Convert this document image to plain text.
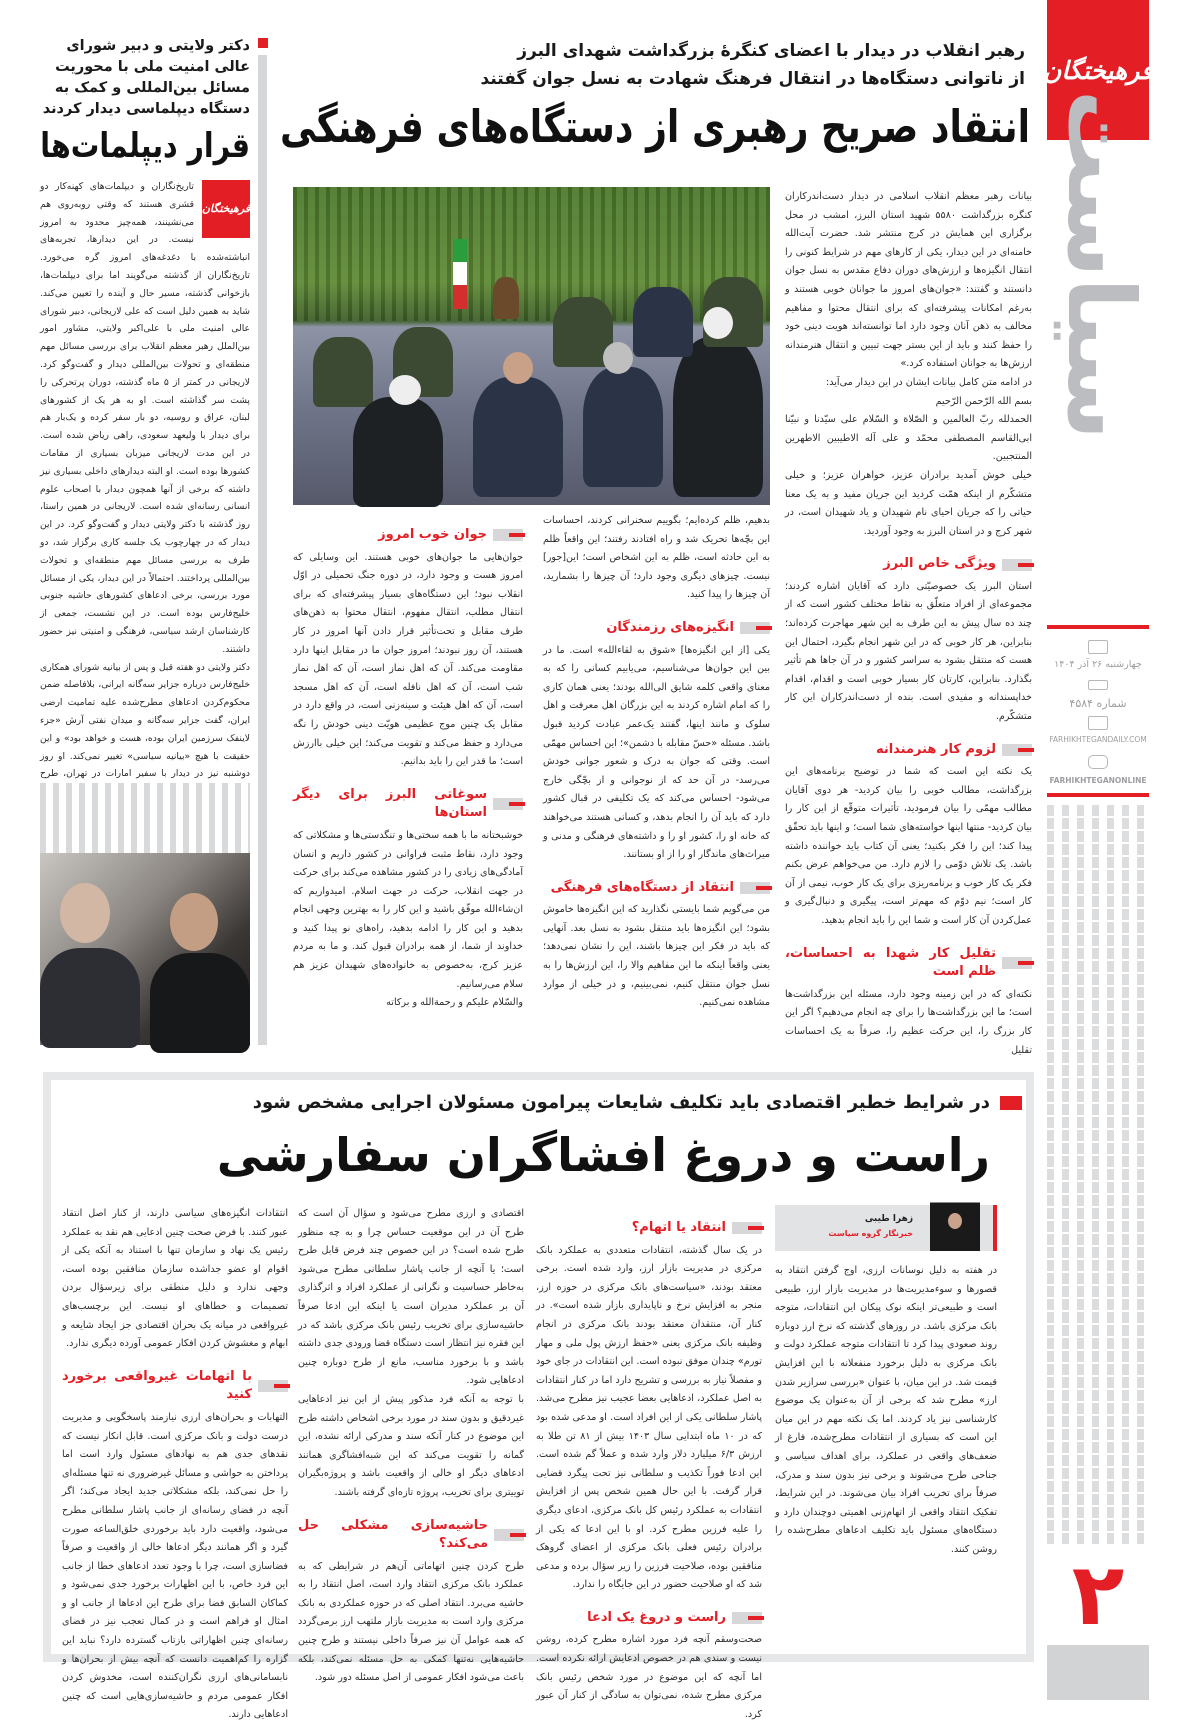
فرهیختگان
سیاست
چهارشنبه ۲۶ آذر ۱۴۰۴
شماره ۴۵۸۴
FARHIKHTEGANDAILY.COM
FARHIKHTEGANONLINE
۲
رهبر انقلاب در دیدار با اعضای کنگرۀ بزرگداشت شهدای البرز
از ناتوانی دستگاه‌ها در انتقال فرهنگ شهادت به نسل جوان گفتند
انتقاد صریح رهبری از دستگاه‌های فرهنگی

بیانات رهبر معظم انقلاب اسلامی در دیدار دست‌اندرکاران کنگره بزرگداشت ۵۵۸۰ شهید استان البرز، امشب در محل برگزاری این همایش در کرج منتشر شد. حضرت آیت‌الله خامنه‌ای در این دیدار، یکی از کارهای مهم در شرایط کنونی را انتقال انگیزه‌ها و ارزش‌های دوران دفاع مقدس به نسل جوان دانستند و گفتند: «جوان‌های امروز ما جوانان خوبی هستند و به‌رغم امکانات پیشرفته‌ای که برای انتقال محتوا و مفاهیم مخالف به ذهن آنان وجود دارد اما توانسته‌اند هویت دینی خود را حفظ کنند و باید از این بستر جهت تبیین و انتقال هنرمندانه ارزش‌ها به جوانان استفاده کرد.»

در ادامه متن کامل بیانات ایشان در این دیدار می‌آید:

بسم الله الرّحمن الرّحیم

الحمدلله ربّ العالمین و الصّلاة و السّلام علی سیّدنا و نبیّنا ابی‌القاسم المصطفی محمّد و علی آله الاطیبین الاطهرین المنتجبین.

خیلی خوش آمدید برادران عزیز، خواهران عزیز؛ و خیلی متشکّرم از اینکه همّت کردید این جریان مفید و به یک معنا حیاتی را که جریان احیای نام شهیدان و یاد شهیدان است، در شهر کرج و در استان البرز به وجود آوردید.

ویژگی خاص البرز

استان البرز یک خصوصیّتی دارد که آقایان اشاره کردند؛ مجموعه‌ای از افراد متعلّق به نقاط مختلف کشور است که از چند ده سال پیش به این طرف به این شهر مهاجرت کرده‌اند؛ بنابراین، هر کار خوبی که در این شهر انجام بگیرد، احتمال این هست که منتقل بشود به سراسر کشور و در آن جاها هم تأثیر بگذارد. بنابراین، کارتان کار بسیار خوبی است و اقدام، اقدام خداپسندانه و مفیدی است. بنده از دست‌اندرکاران این کار متشکّرم.

لزوم کار هنرمندانه

یک نکته این است که شما در توضیح برنامه‌های این بزرگداشت، مطالب خوبی را بیان کردید- هر دوی آقایان مطالب مهمّی را بیان فرمودید، تأثیرات متوقّع از این کار را بیان کردید- منتها اینها خواسته‌های شما است؛ و اینها باید تحقّق پیدا کند؛ این را فکر بکنید؛ یعنی آن کتاب باید خواننده داشته باشد. یک تلاش دوّمی را لازم دارد. من می‌خواهم عرض بکنم فکر یک کار خوب و برنامه‌ریزی برای یک کار خوب، نیمی از آن کار است؛ نیم دوّم که مهم‌تر است، پیگیری و دنبال‌گیری و عمل‌کردن آن کار است و شما این را باید انجام بدهید.

تقلیل کار شهدا به احساسات، ظلم است

نکته‌ای که در این زمینه وجود دارد، مسئله این بزرگداشت‌ها است؛ ما این بزرگداشت‌ها را برای چه انجام می‌دهیم؟ اگر این کار بزرگ را، این حرکت عظیم را، صرفاً به یک احساسات تقلیل

بدهیم، ظلم کرده‌ایم؛ بگوییم سخنرانی کردند، احساسات این بچّه‌ها تحریک شد و راه افتادند رفتند؛ این واقعاً ظلم به این حادثه است، ظلم به این اشخاص است؛ این‌[جور] نیست. چیزهای دیگری وجود دارد؛ آن چیزها را بشمارید، آن چیزها را پیدا کنید.

انگیزه‌های رزمندگان

یکی [از این انگیزه‌ها] «شوق به لقاءالله» است. ما در بین این جوان‌ها می‌شناسیم، می‌یابیم کسانی را که به معنای واقعی کلمه شایق الی‌الله بودند؛ یعنی همان کاری را که امام اشاره کردند به این بزرگان اهل معرفت و اهل سلوک و مانند اینها، گفتند یک‌عمر عبادت کردید قبول باشد. مسئله «حسّ مقابله با دشمن»؛ این احساس مهمّی است. وقتی که جوان به درک و شعور جوانی خودش می‌رسد- در آن حد که از نوجوانی و از بچّگی خارج می‌شود- احساس می‌کند که یک تکلیفی در قبال کشور دارد که باید آن را انجام بدهد، و کسانی هستند می‌خواهند که خانه او را، کشور او را و داشته‌های فرهنگی و مدنی و میراث‌های ماندگار او را از او بستانند.

انتقاد از دستگاه‌های فرهنگی

من می‌گویم شما بایستی نگذارید که این انگیزه‌ها خاموش بشود؛ این انگیزه‌ها باید منتقل بشود به نسل بعد. آنهایی که باید در فکر این چیزها باشند، این را نشان نمی‌دهد؛ یعنی واقعاً اینکه ما این مفاهیم والا را، این ارزش‌ها را به نسل جوان منتقل کنیم، نمی‌بینیم، و در خیلی از موارد مشاهده نمی‌کنیم.

جوان خوب امروز

جوان‌هایی ما جوان‌های خوبی هستند. این وسایلی که امروز هست و وجود دارد، در دوره جنگ تحمیلی در اوّل انقلاب نبود؛ این دستگاه‌های بسیار پیشرفته‌ای که برای انتقال مطلب، انتقال مفهوم، انتقال محتوا به ذهن‌های طرف مقابل و تحت‌تأثیر قرار دادن آنها امروز در کار هستند، آن روز نبودند؛ امروز جوان ما در مقابل اینها دارد مقاومت می‌کند. آن که اهل نماز است، آن که اهل نماز شب است، آن که اهل نافله است، آن که اهل مسجد است، آن که اهل هیئت و سینه‌زنی است، در واقع دارد در مقابل یک چنین موج عظیمی هویّت دینی خودش را نگه می‌دارد و حفظ می‌کند و تقویت می‌کند؛ این خیلی باارزش است؛ ما قدر این را باید بدانیم.

سوغاتی البرز برای دیگر استان‌ها

خوشبختانه ما با همه سختی‌ها و تنگدستی‌ها و مشکلاتی که وجود دارد، نقاط مثبت فراوانی در کشور داریم و انسان آمادگی‌های زیادی را در کشور مشاهده می‌کند برای حرکت در جهت انقلاب، حرکت در جهت اسلام. امیدواریم که ان‌شاءالله موفّق باشید و این کار را به بهترین وجهی انجام بدهید و این کار را ادامه بدهید، راه‌های نو پیدا کنید و خداوند از شما، از همه برادران قبول کند. و ما به مردم عزیز کرج، به‌خصوص به خانواده‌های شهیدان عزیز هم سلام می‌رسانیم.

والسّلام علیکم و رحمةالله و برکاته

دکتر ولایتی و دبیر شورای عالی امنیت ملی با محوریت مسائل بین‌المللی و کمک به دستگاه دیپلماسی دیدار کردند
قرار دیپلمات‌ها
فرهیختگان

تاریخ‌نگاران و دیپلمات‌های کهنه‌کار دو قشری هستند که وقتی رو‌به‌روی هم می‌نشینند، همه‌چیز محدود به امروز نیست. در این دیدارها، تجربه‌های انباشته‌شده با دغدغه‌های امروز گره می‌خورد. تاریخ‌نگاران از گذشته می‌گویند اما برای دیپلمات‌ها، بازخوانی گذشته، مسیر حال و آینده را تعیین می‌کند. شاید به همین دلیل است که علی لاریجانی، دبیر شورای عالی امنیت ملی با علی‌اکبر ولایتی، مشاور امور بین‌الملل رهبر معظم انقلاب برای بررسی مسائل مهم منطقه‌ای و تحولات بین‌المللی دیدار و گفت‌وگو کرد. لاریجانی در کمتر از ۵ ماه گذشته، دوران پرتحرکی را پشت سر گذاشته است. او به هر یک از کشورهای لبنان، عراق و روسیه، دو بار سفر کرده و یک‌بار هم برای دیدار با ولیعهد سعودی، راهی ریاض شده است. در این مدت لاریجانی میزبان بسیاری از مقامات کشورها بوده است. او البته دیدارهای داخلی بسیاری نیز داشته که برخی از آنها همچون دیدار با اصحاب علوم انسانی رسانه‌ای شده است. لاریجانی در همین راستا، روز گذشته با دکتر ولایتی دیدار و گفت‌وگو کرد. در این دیدار که در چهارچوب یک جلسه کاری برگزار شد، دو طرف به بررسی مسائل مهم منطقه‌ای و تحولات بین‌المللی پرداختند. احتمالاً در این دیدار، یکی از مسائل مورد بررسی، برخی ادعاهای کشورهای حاشیه جنوبی خلیج‌فارس بوده است. در این نشست، جمعی از کارشناسان ارشد سیاسی، فرهنگی و امنیتی نیز حضور داشتند.

دکتر ولایتی دو هفته قبل و پس از بیانیه شورای همکاری خلیج‌فارس درباره جزایر سه‌گانه ایرانی، بلافاصله ضمن محکوم‌کردن ادعاهای مطرح‌شده علیه تمامیت ارضی ایران، گفت جزایر سه‌گانه و میدان نفتی آرش «جزء لاینفک سرزمین ایران بوده، هست و خواهد بود» و این حقیقت با هیچ «بیانیه سیاسی» تغییر نمی‌کند. او روز دوشنبه نیز در دیدار با سفیر امارات در تهران، طرح

در شرایط خطیر اقتصادی باید تکلیف شایعات پیرامون مسئولان اجرایی مشخص شود
راست و دروغ افشاگران سفارشی
زهرا طیبی
خبرنگار گروه سیاست

در هفته‌ به دلیل نوسانات ارزی، اوج گرفتن انتقاد به قصورها و سوءمدیریت‌ها در مدیریت بازار ارز، طبیعی است و طبیعی‌تر اینکه نوک پیکان این انتقادات، متوجه بانک مرکزی باشد. در روزهای گذشته که نرخ ارز دوباره روند صعودی پیدا کرد تا انتقادات متوجه عملکرد دولت و بانک مرکزی به دلیل برخورد منفعلانه با این افزایش قیمت شد. در این میان، با عنوان «بررسی سرازیر شدن ارز» مطرح شد که برخی از آن به‌عنوان یک موضوع کارشناسی نیز یاد کردند. اما یک نکته مهم در این میان این است که بسیاری از انتقادات مطرح‌شده، فارغ از ضعف‌های واقعی در عملکرد، برای اهداف سیاسی و جناحی طرح می‌شوند و برخی نیز بدون سند و مدرک، صرفاً برای تخریب افراد بیان می‌شوند. در این شرایط، تفکیک انتقاد واقعی از اتهام‌زنی اهمیتی دوچندان دارد و دستگاه‌های مسئول باید تکلیف ادعاهای مطرح‌شده را روشن کنند.

انتقاد یا اتهام؟

در یک سال گذشته، انتقادات متعددی به عملکرد بانک مرکزی در مدیریت بازار ارز، وارد شده است. برخی معتقد بودند، «سیاست‌های بانک مرکزی در حوزه ارز، منجر به افزایش نرخ و ناپایداری بازار شده است». در کنار آن، منتقدان معتقد بودند بانک مرکزی در انجام وظیفه بانک مرکزی یعنی «حفظ ارزش پول ملی و مهار تورم» چندان موفق نبوده است. این انتقادات در جای خود و مفصلاً نیاز به بررسی و تشریح دارد اما در کنار انتقادات به اصل عملکرد، ادعاهایی بعضا عجیب نیز مطرح می‌شد. پاشار سلطانی یکی از این افراد است. او مدعی شده بود که در ۱۰ ماه ابتدایی سال ۱۴۰۳ بیش از ۸۱ تن طلا به ارزش ۶/۳ میلیارد دلار وارد شده و عملاً گم شده است. این ادعا فوراً تکذیب و سلطانی نیز تحت پیگرد قضایی قرار گرفت. با این حال همین شخص پس از افزایش انتقادات به عملکرد رئیس کل بانک مرکزی، ادعای دیگری را علیه فرزین مطرح کرد. او با این ادعا که یکی از برادران رئیس فعلی بانک مرکزی از اعضای گروهک منافقین بوده، صلاحیت فرزین را زیر سؤال برده و مدعی شد که او صلاحیت حضور در این جایگاه را ندارد.

راست و دروغ یک ادعا

صحت‌وسقم آنچه فرد مورد اشاره مطرح کرده، روشن نیست و سندی هم در خصوص ادعایش ارائه نکرده است. اما آنچه که این موضوع در مورد شخص رئیس بانک مرکزی مطرح شده، نمی‌توان به سادگی از کنار آن عبور کرد.

اقتصادی و ارزی مطرح می‌شود و سؤال آن است که طرح آن در این موقعیت حساس چرا و به چه منظور طرح شده است؟ در این خصوص چند فرض قابل طرح است؛ یا آنچه از جانب پاشار سلطانی مطرح می‌شود به‌خاطر حساسیت و نگرانی از عملکرد افراد و اثرگذاری آن بر عملکرد مدیران است یا اینکه این ادعا صرفاً حاشیه‌سازی برای تخریب رئیس بانک مرکزی باشد که در این فقره نیز انتظار است دستگاه قضا ورودی جدی داشته باشد و با برخورد مناسب، مانع از طرح دوباره چنین ادعاهایی شود.

با توجه به آنکه فرد مذکور پیش از این نیز ادعاهایی غیردقیق و بدون سند در مورد برخی اشخاص داشته طرح این موضوع در کنار آنکه سند و مدرکی ارائه نشده، این گمانه را تقویت می‌کند که این شبه‌افشاگری همانند ادعاهای دیگر او خالی از واقعیت باشد و پروژه‌بگیران توییتری برای تخریب، پروژه تازه‌ای گرفته باشند.

حاشیه‌سازی مشکلی حل می‌کند؟

طرح کردن چنین اتهاماتی آن‌هم در شرایطی که به عملکرد بانک مرکزی انتقاد وارد است، اصل انتقاد را به حاشیه می‌برد. انتقاد اصلی که در حوزه عملکردی به بانک مرکزی وارد است به مدیریت بازار ملتهب ارز برمی‌گردد که همه عوامل آن نیز صرفاً داخلی نیستند و طرح چنین حاشیه‌هایی نه‌تنها کمکی به حل مسئله نمی‌کند، بلکه باعث می‌شود افکار عمومی از اصل مسئله دور شود.

انتقادات انگیزه‌های سیاسی دارند، از کنار اصل انتقاد عبور کنند. با فرض صحت چنین ادعایی هم نقد به عملکرد رئیس یک نهاد و سازمان تنها با استناد به آنکه یکی از اقوام او عضو جداشده سازمان منافقین بوده است، وجهی ندارد و دلیل منطقی برای زیرسؤال بردن تصمیمات و خطاهای او نیست. این برچسب‌های غیرواقعی در میانه یک بحران اقتصادی جز ایجاد شایعه و ابهام و مغشوش کردن افکار عمومی آورده دیگری ندارد.

با اتهامات غیرواقعی برخورد کنید

التهابات و بحران‌های ارزی نیازمند پاسخگویی و مدیریت درست دولت و بانک مرکزی است. قابل انکار نیست که نقدهای جدی هم به نهادهای مسئول وارد است اما پرداختن به حواشی و مسائل غیرضروری نه تنها مسئله‌ای را حل نمی‌کند، بلکه مشکلاتی جدید ایجاد می‌کند؛ اگر آنچه در فضای رسانه‌ای از جانب پاشار سلطانی مطرح می‌شود، واقعیت دارد باید برخوردی خلق‌الساعه صورت گیرد و اگر همانند دیگر ادعاها خالی از واقعیت و صرفاً فضاسازی است، چرا با وجود تعدد ادعاهای خطا از جانب این فرد خاص، با این اظهارات برخورد جدی نمی‌شود و کماکان السابق فضا برای طرح این ادعاها از جانب او و امثال او فراهم است و در کمال تعجب نیز در فضای رسانه‌ای چنین اظهاراتی بازتاب گسترده دارد؟ نباید این گزاره را کم‌اهمیت دانست که آنچه بیش از بحران‌ها و نابسامانی‌های ارزی نگران‌کننده است، مخدوش کردن افکار عمومی مردم و حاشیه‌سازی‌هایی است که چنین ادعاهایی دارند.
